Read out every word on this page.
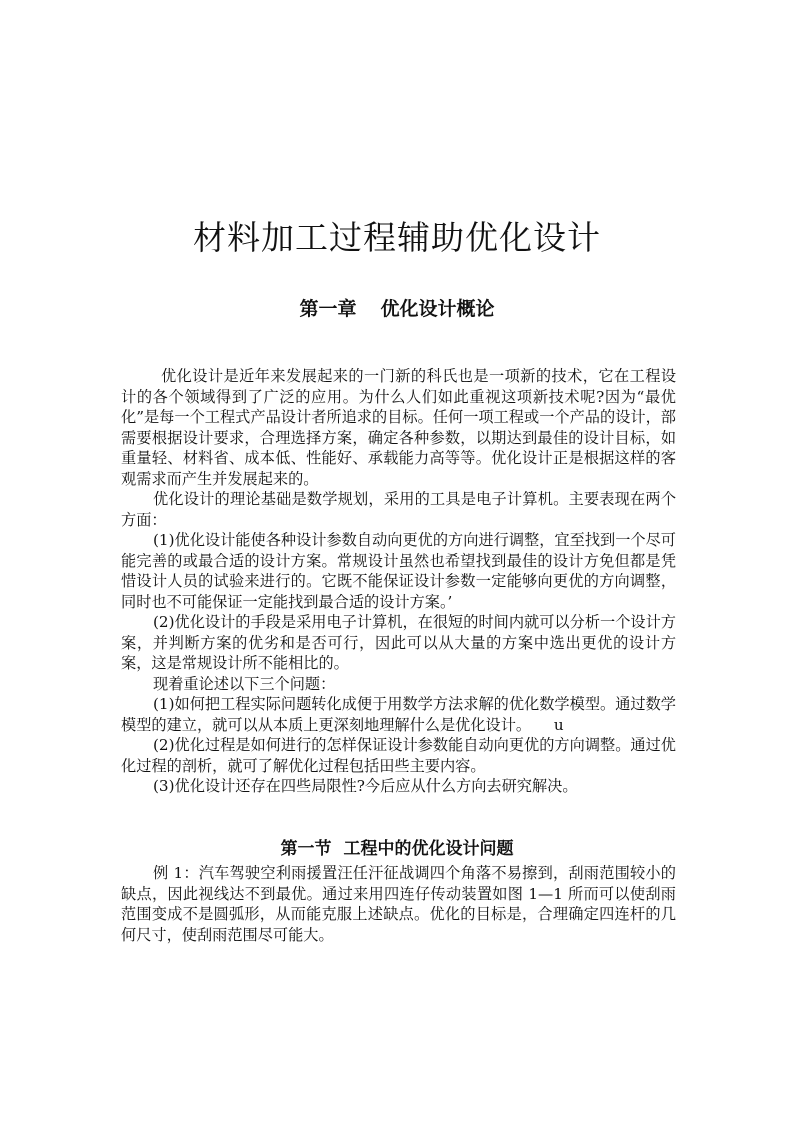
材料加工过程辅助优化设计
第一章 优化设计概论

优化设计是近年来发展起来的一门新的科氏也是一项新的技术，它在工程设计的各个领域得到了广泛的应用。为什么人们如此重视这项新技术呢?因为“最优化”是每一个工程式产品设计者所追求的目标。任何一项工程或一个产品的设计，部需要根据设计要求，合理选择方案，确定各种参数，以期达到最佳的设计目标，如重量轻、材料省、成本低、性能好、承载能力高等等。优化设计正是根据这样的客观需求而产生并发展起来的。

优化设计的理论基础是数学规划，采用的工具是电子计算机。主要表现在两个方面：

(1)优化设计能使各种设计参数自动向更优的方向进行调整，宜至找到一个尽可能完善的或最合适的设计方案。常规设计虽然也希望找到最佳的设计方免但都是凭惜设计人员的试验来进行的。它既不能保证设计参数一定能够向更优的方向调整，同时也不可能保证一定能找到最合适的设计方案。’

(2)优化设计的手段是采用电子计算机，在很短的时间内就可以分析一个设计方案，并判断方案的优劣和是否可行，因此可以从大量的方案中选出更优的设计方案，这是常规设计所不能相比的。

现着重论述以下三个问题：

(1)如何把工程实际问题转化成便于用数学方法求解的优化数学模型。通过数学模型的建立，就可以从本质上更深刻地理解什么是优化设计。　　u

(2)优化过程是如何进行的怎样保证设计参数能自动向更优的方向调整。通过优化过程的剖析，就可了解优化过程包括田些主要内容。

(3)优化设计还存在四些局限性?今后应从什么方向去研究解决。

第一节 工程中的优化设计问题

例 1：汽车驾驶空利雨援置汪任汗征战调四个角落不易擦到，刮雨范围较小的缺点，因此视线达不到最优。通过来用四连仔传动装置如图 1—1 所而可以使刮雨范围变成不是圆弧形，从而能克服上述缺点。优化的目标是，合理确定四连杆的几何尺寸，使刮雨范围尽可能大。
